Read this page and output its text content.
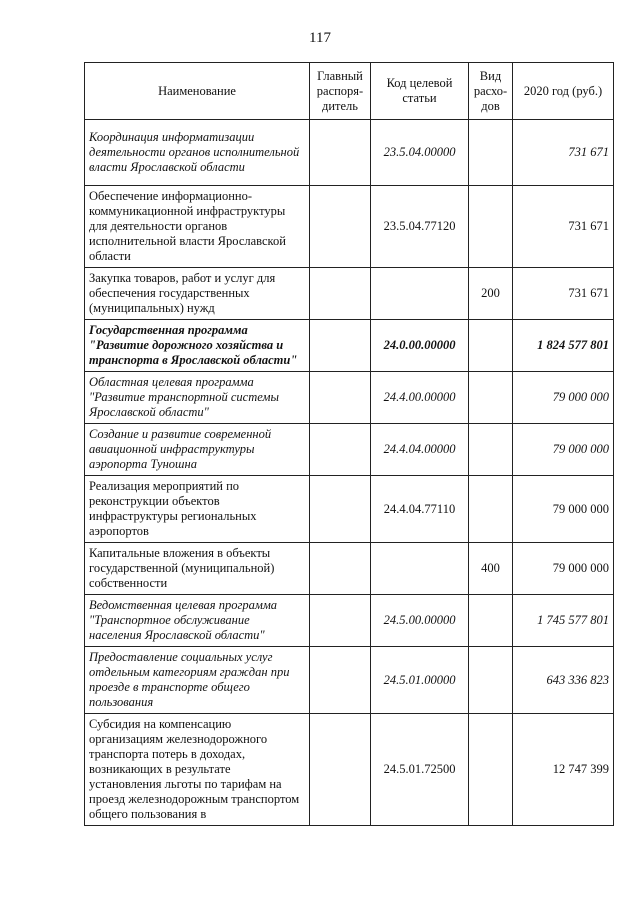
117
Наименование	Главный распоря-дитель	Код целевой статьи	Вид расхо-дов	2020 год (руб.)
Координация информатизации деятельности органов исполнительной власти Ярославской области		23.5.04.00000		731 671
Обеспечение информационно-коммуникационной инфраструктуры для деятельности органов исполнительной власти Ярославской области		23.5.04.77120		731 671
Закупка товаров, работ и услуг для обеспечения государственных (муниципальных) нужд			200	731 671
Государственная программа "Развитие дорожного хозяйства и транспорта в Ярославской области"		24.0.00.00000		1 824 577 801
Областная целевая программа "Развитие транспортной системы Ярославской области"		24.4.00.00000		79 000 000
Создание и развитие современной авиационной инфраструктуры аэропорта Туношна		24.4.04.00000		79 000 000
Реализация мероприятий по реконструкции объектов инфраструктуры региональных аэропортов		24.4.04.77110		79 000 000
Капитальные вложения в объекты государственной (муниципальной) собственности			400	79 000 000
Ведомственная целевая программа "Транспортное обслуживание населения Ярославской области"		24.5.00.00000		1 745 577 801
Предоставление социальных услуг отдельным категориям граждан при проезде в транспорте общего пользования		24.5.01.00000		643 336 823
Субсидия на компенсацию организациям железнодорожного транспорта потерь в доходах, возникающих в результате установления льготы по тарифам на проезд железнодорожным транспортом общего пользования в		24.5.01.72500		12 747 399
